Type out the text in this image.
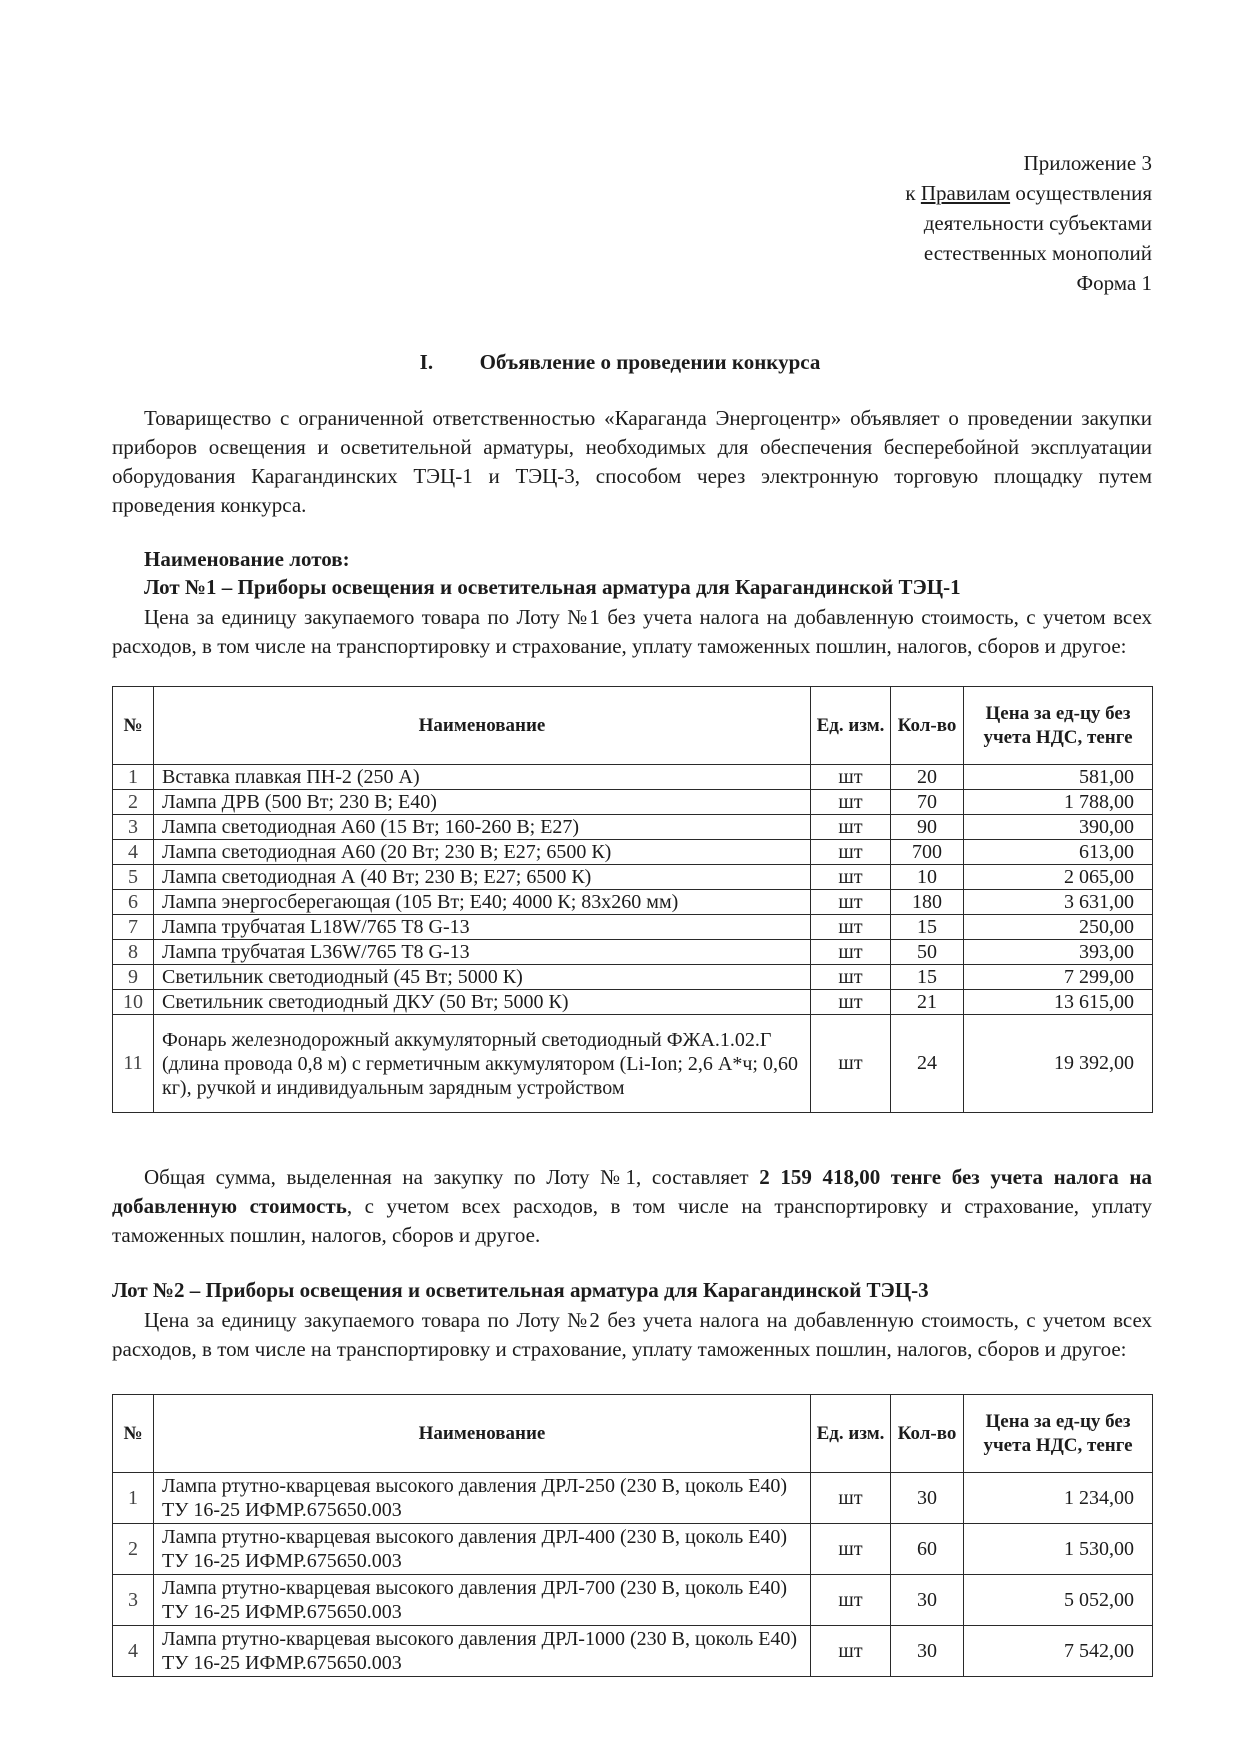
Приложение 3
к Правилам осуществления
деятельности субъектами
естественных монополий
Форма 1
I. Объявление о проведении конкурса
Товарищество с ограниченной ответственностью «Караганда Энергоцентр» объявляет о проведении закупки приборов освещения и осветительной арматуры, необходимых для обеспечения бесперебойной эксплуатации оборудования Карагандинских ТЭЦ-1 и ТЭЦ-3, способом через электронную торговую площадку путем проведения конкурса.
Наименование лотов:
Лот №1 – Приборы освещения и осветительная арматура для Карагандинской ТЭЦ-1
Цена за единицу закупаемого товара по Лоту №1 без учета налога на добавленную стоимость, с учетом всех расходов, в том числе на транспортировку и страхование, уплату таможенных пошлин, налогов, сборов и другое:
№	Наименование	Ед. изм.	Кол-во	Цена за ед-цу без учета НДС, тенге
1	Вставка плавкая ПН-2 (250 А)	шт	20	581,00
2	Лампа ДРВ (500 Вт; 230 В; Е40)	шт	70	1 788,00
3	Лампа светодиодная А60 (15 Вт; 160-260 В; Е27)	шт	90	390,00
4	Лампа светодиодная А60 (20 Вт; 230 В; Е27; 6500 К)	шт	700	613,00
5	Лампа светодиодная А (40 Вт; 230 В; Е27; 6500 К)	шт	10	2 065,00
6	Лампа энергосберегающая (105 Вт; Е40; 4000 К; 83x260 мм)	шт	180	3 631,00
7	Лампа трубчатая L18W/765 T8 G-13	шт	15	250,00
8	Лампа трубчатая L36W/765 T8 G-13	шт	50	393,00
9	Светильник светодиодный (45 Вт; 5000 К)	шт	15	7 299,00
10	Светильник светодиодный ДКУ (50 Вт; 5000 К)	шт	21	13 615,00
11	Фонарь железнодорожный аккумуляторный светодиодный ФЖА.1.02.Г (длина провода 0,8 м) с герметичным аккумулятором (Li-Ion; 2,6 А*ч; 0,60 кг), ручкой и индивидуальным зарядным устройством	шт	24	19 392,00
Общая сумма, выделенная на закупку по Лоту №1, составляет 2 159 418,00 тенге без учета налога на добавленную стоимость, с учетом всех расходов, в том числе на транспортировку и страхование, уплату таможенных пошлин, налогов, сборов и другое.
Лот №2 – Приборы освещения и осветительная арматура для Карагандинской ТЭЦ-3
Цена за единицу закупаемого товара по Лоту №2 без учета налога на добавленную стоимость, с учетом всех расходов, в том числе на транспортировку и страхование, уплату таможенных пошлин, налогов, сборов и другое:
№	Наименование	Ед. изм.	Кол-во	Цена за ед-цу без учета НДС, тенге
1	Лампа ртутно-кварцевая высокого давления ДРЛ-250 (230 В, цоколь Е40) ТУ 16-25 ИФМР.675650.003	шт	30	1 234,00
2	Лампа ртутно-кварцевая высокого давления ДРЛ-400 (230 В, цоколь Е40) ТУ 16-25 ИФМР.675650.003	шт	60	1 530,00
3	Лампа ртутно-кварцевая высокого давления ДРЛ-700 (230 В, цоколь Е40) ТУ 16-25 ИФМР.675650.003	шт	30	5 052,00
4	Лампа ртутно-кварцевая высокого давления ДРЛ-1000 (230 В, цоколь Е40) ТУ 16-25 ИФМР.675650.003	шт	30	7 542,00
